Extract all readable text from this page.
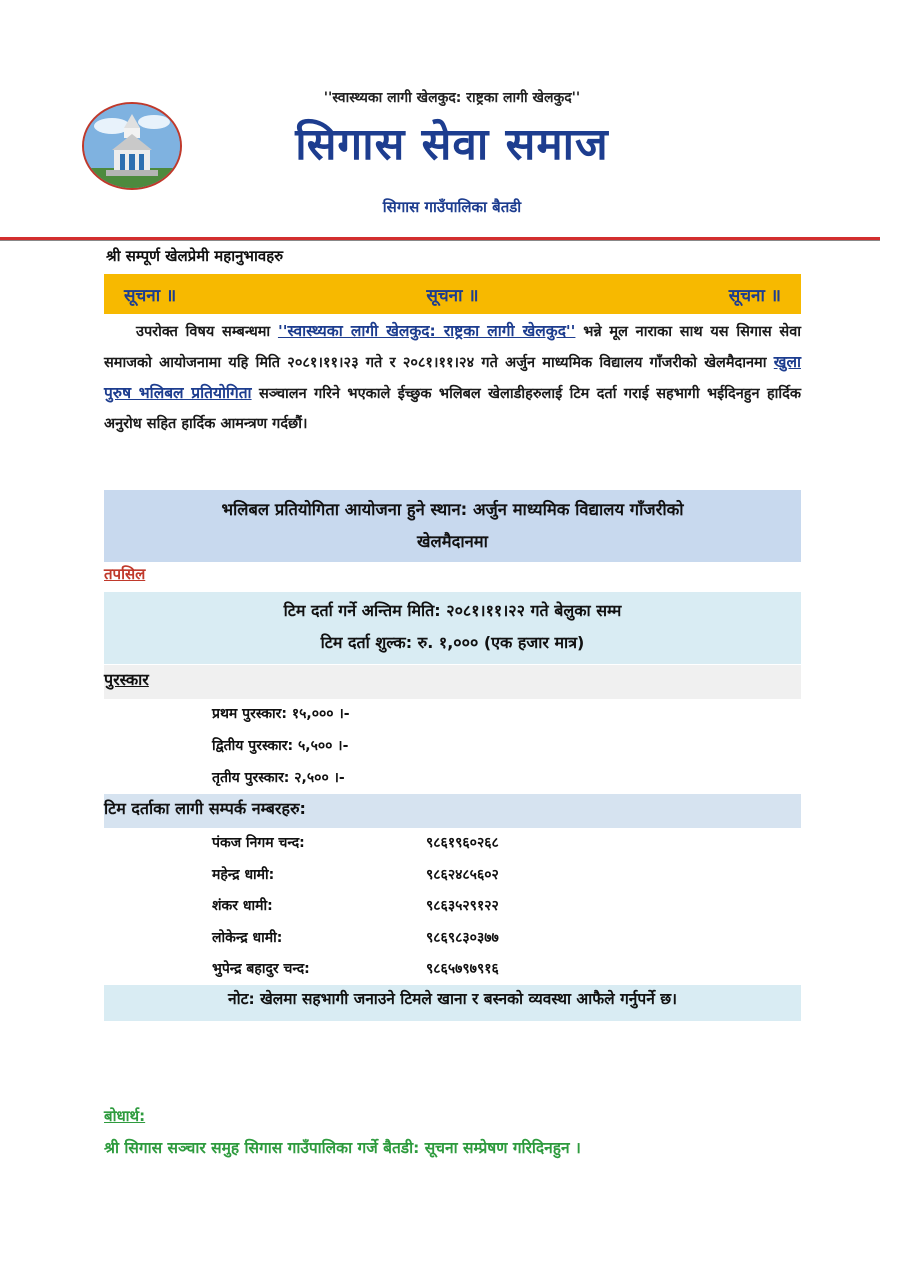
''स्वास्थ्यका लागी खेलकुद: राष्ट्रका लागी खेलकुद''
सिगास सेवा समाज
सिगास गाउँपालिका बैतडी
श्री सम्पूर्ण खेलप्रेमी महानुभावहरु
सूचना ॥	सूचना ॥	सूचना ॥
उपरोक्त विषय सम्बन्धमा ''स्वास्थ्यका लागी खेलकुद: राष्ट्रका लागी खेलकुद'' भन्ने मूल नाराका साथ यस सिगास सेवा समाजको आयोजनामा यहि मिति २०८१।११।२३ गते र २०८१।११।२४ गते अर्जुन माध्यमिक विद्यालय गाँजरीको खेलमैदानमा खुला पुरुष भलिबल प्रतियोगिता सञ्चालन गरिने भएकाले ईच्छुक भलिबल खेलाडीहरुलाई टिम दर्ता गराई सहभागी भईदिनहुन हार्दिक अनुरोध सहित हार्दिक आमन्त्रण गर्दछौं।
भलिबल प्रतियोगिता आयोजना हुने स्थान: अर्जुन माध्यमिक विद्यालय गाँजरीको
खेलमैदानमा
तपसिल
टिम दर्ता गर्ने अन्तिम मिति: २०८१।११।२२ गते बेलुका सम्म
टिम दर्ता शुल्क: रु. १,००० (एक हजार मात्र)
पुरस्कार
प्रथम पुरस्कार: १५,००० ।-
द्वितीय पुरस्कार: ५,५०० ।-
तृतीय पुरस्कार: २,५०० ।-
टिम दर्ताका लागी सम्पर्क नम्बरहरु:
पंकज निगम चन्द:	९८६१९६०२६८
महेन्द्र धामी:	९८६२४८५६०२
शंकर धामी:	९८६३५२९१२२
लोकेन्द्र धामी:	९८६९८३०३७७
भुपेन्द्र बहादुर चन्द:	९८६५७९७९१६
नोट: खेलमा सहभागी जनाउने टिमले खाना र बस्नको व्यवस्था आफैले गर्नुपर्ने छ।
बोधार्थ:
श्री सिगास सञ्चार समुह सिगास गाउँपालिका गर्जे बैतडी: सूचना सम्प्रेषण गरिदिनहुन ।
